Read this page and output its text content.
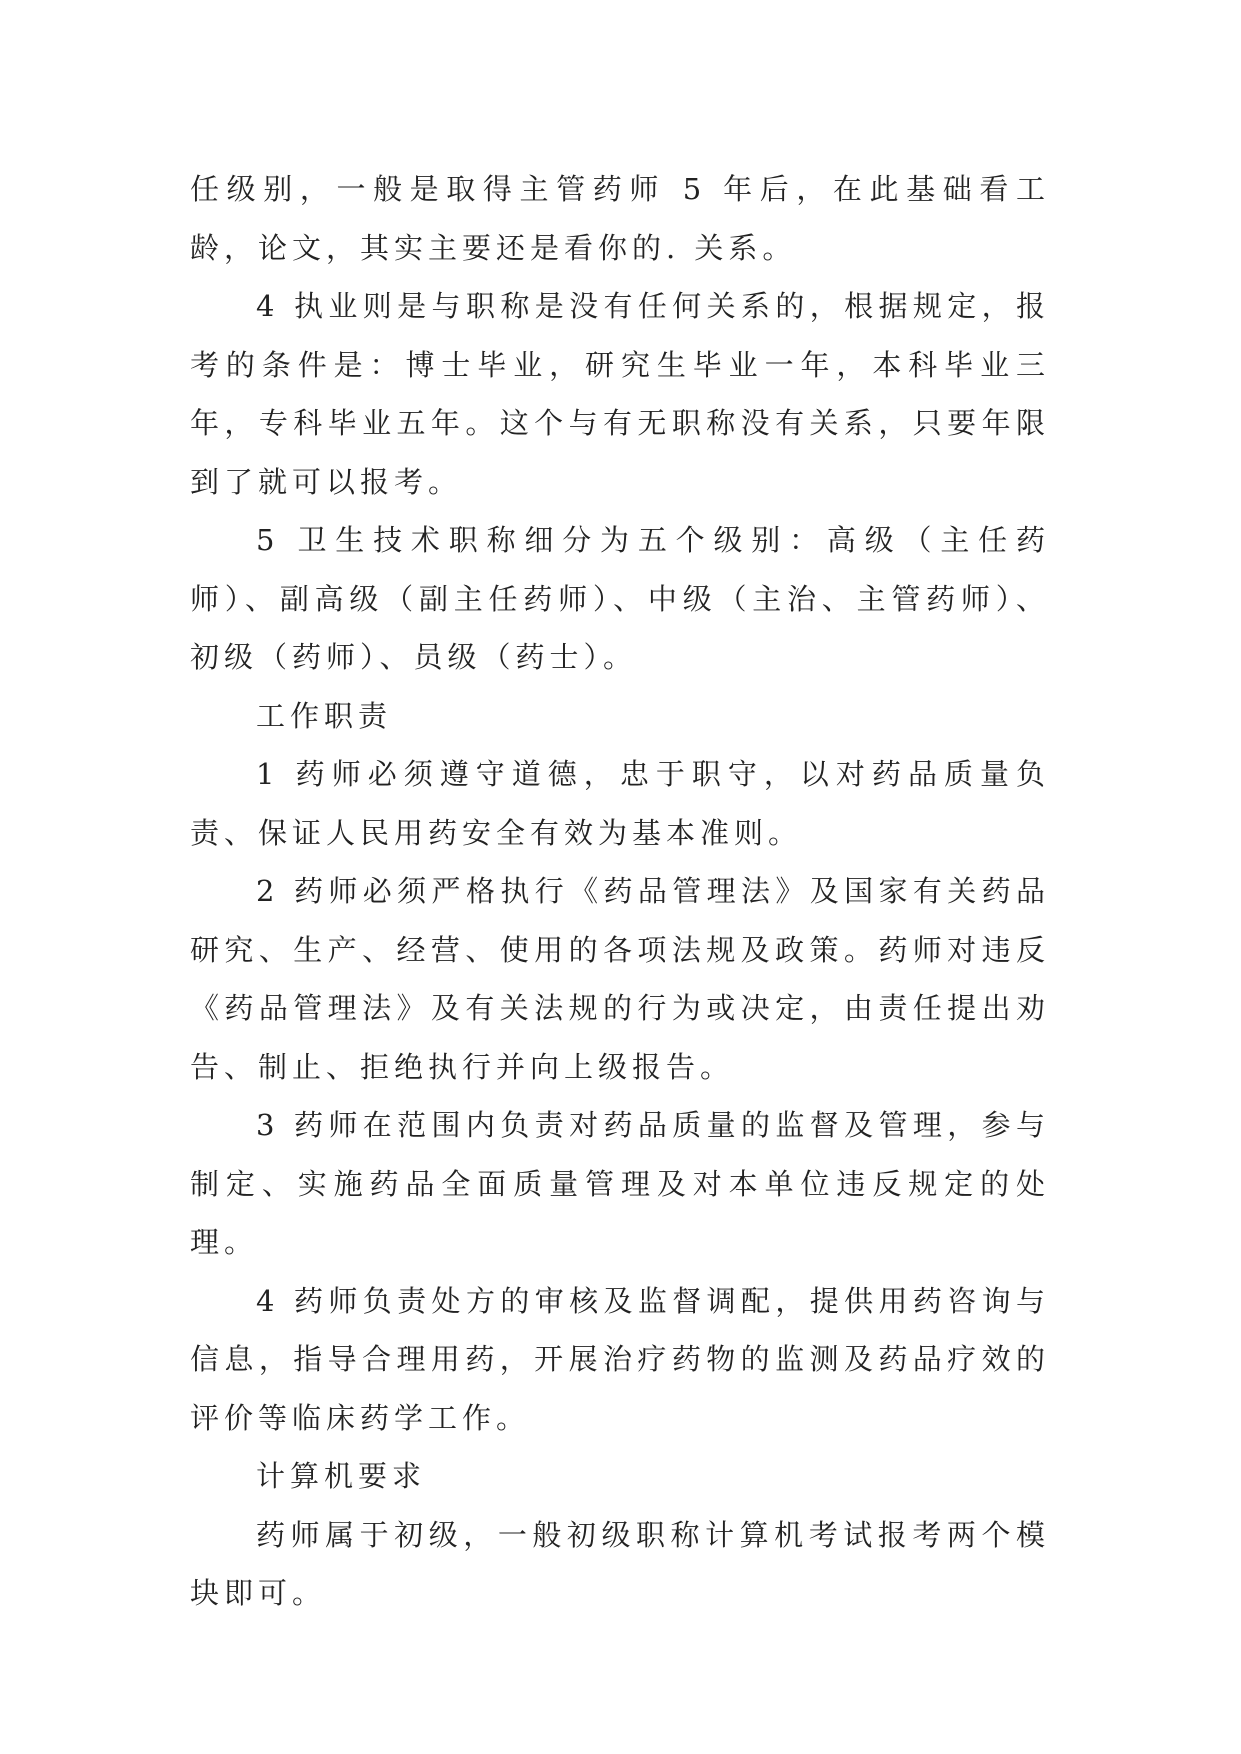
任级别，一般是取得主管药师 5 年后，在此基础看工龄，论文，其实主要还是看你的. 关系。

4 执业则是与职称是没有任何关系的，根据规定，报考的条件是：博士毕业，研究生毕业一年，本科毕业三年，专科毕业五年。这个与有无职称没有关系，只要年限到了就可以报考。

5 卫生技术职称细分为五个级别：高级（主任药师）、副高级（副主任药师）、中级（主治、主管药师）、初级（药师）、员级（药士）。

工作职责

1 药师必须遵守道德，忠于职守，以对药品质量负责、保证人民用药安全有效为基本准则。

2 药师必须严格执行《药品管理法》及国家有关药品研究、生产、经营、使用的各项法规及政策。药师对违反《药品管理法》及有关法规的行为或决定，由责任提出劝告、制止、拒绝执行并向上级报告。

3 药师在范围内负责对药品质量的监督及管理，参与制定、实施药品全面质量管理及对本单位违反规定的处理。

4 药师负责处方的审核及监督调配，提供用药咨询与信息，指导合理用药，开展治疗药物的监测及药品疗效的评价等临床药学工作。

计算机要求

药师属于初级，一般初级职称计算机考试报考两个模块即可。
